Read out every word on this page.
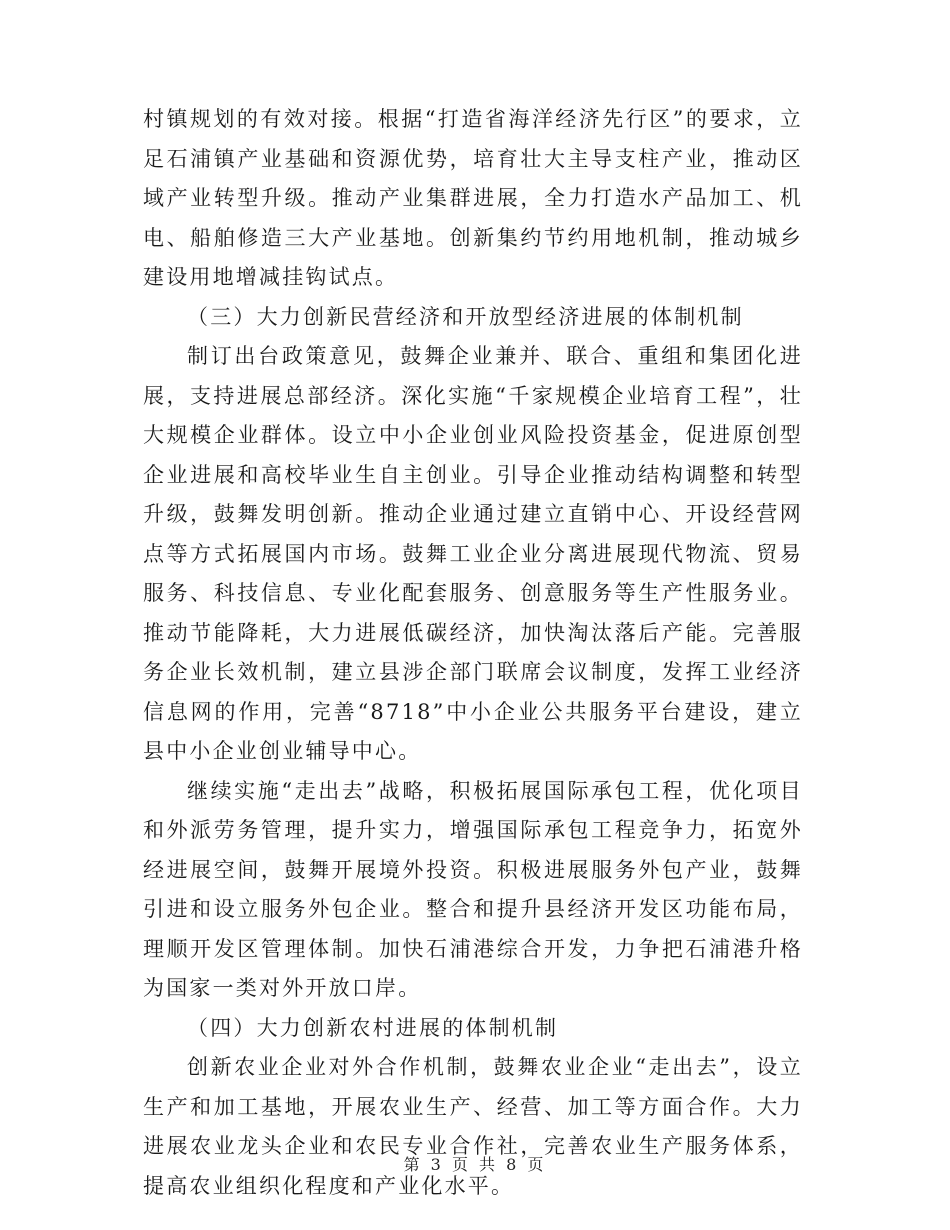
村镇规划的有效对接。根据“打造省海洋经济先行区”的要求，立足石浦镇产业基础和资源优势，培育壮大主导支柱产业，推动区域产业转型升级。推动产业集群进展，全力打造水产品加工、机电、船舶修造三大产业基地。创新集约节约用地机制，推动城乡建设用地增减挂钩试点。

（三）大力创新民营经济和开放型经济进展的体制机制

制订出台政策意见，鼓舞企业兼并、联合、重组和集团化进展，支持进展总部经济。深化实施“千家规模企业培育工程”，壮大规模企业群体。设立中小企业创业风险投资基金，促进原创型企业进展和高校毕业生自主创业。引导企业推动结构调整和转型升级，鼓舞发明创新。推动企业通过建立直销中心、开设经营网点等方式拓展国内市场。鼓舞工业企业分离进展现代物流、贸易服务、科技信息、专业化配套服务、创意服务等生产性服务业。推动节能降耗，大力进展低碳经济，加快淘汰落后产能。完善服务企业长效机制，建立县涉企部门联席会议制度，发挥工业经济信息网的作用，完善“8718”中小企业公共服务平台建设，建立县中小企业创业辅导中心。

继续实施“走出去”战略，积极拓展国际承包工程，优化项目和外派劳务管理，提升实力，增强国际承包工程竞争力，拓宽外经进展空间，鼓舞开展境外投资。积极进展服务外包产业，鼓舞引进和设立服务外包企业。整合和提升县经济开发区功能布局，理顺开发区管理体制。加快石浦港综合开发，力争把石浦港升格为国家一类对外开放口岸。

（四）大力创新农村进展的体制机制

创新农业企业对外合作机制，鼓舞农业企业“走出去”，设立生产和加工基地，开展农业生产、经营、加工等方面合作。大力进展农业龙头企业和农民专业合作社，完善农业生产服务体系，提高农业组织化程度和产业化水平。

第 3 页 共 8 页
